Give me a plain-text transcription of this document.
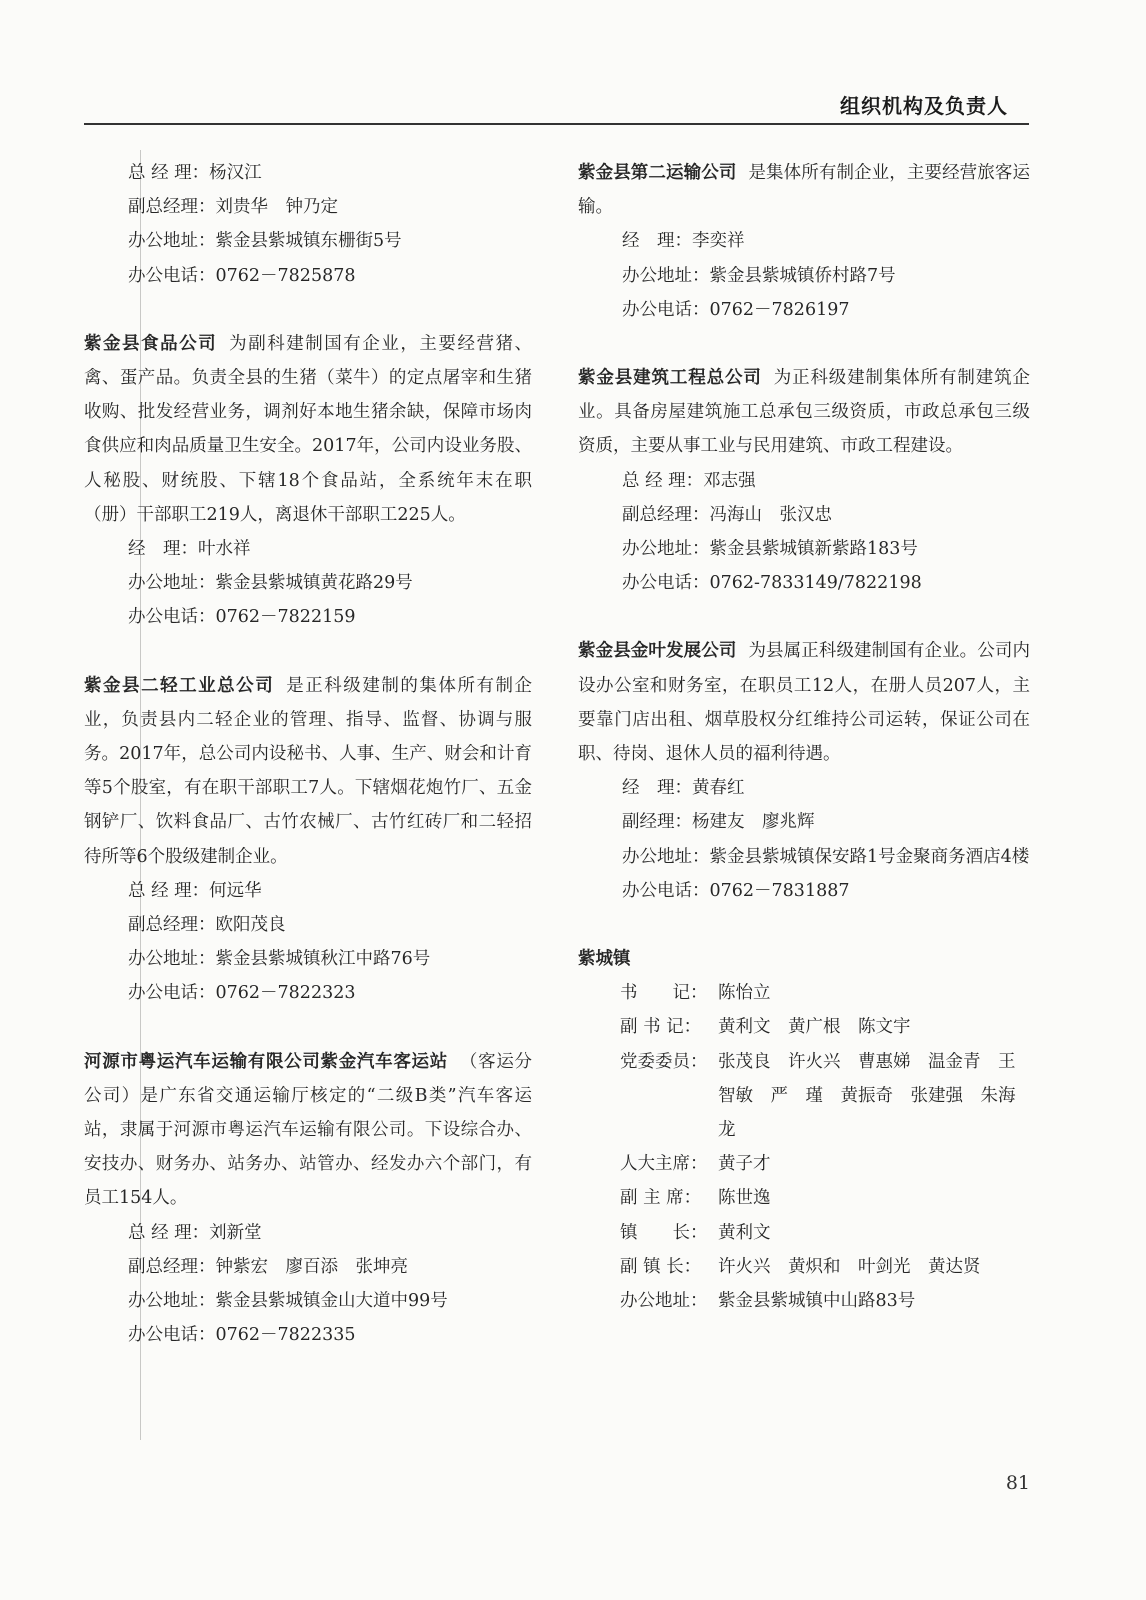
组织机构及负责人

总 经 理：杨汉江

副总经理：刘贵华　钟乃定

办公地址：紫金县紫城镇东栅街5号

办公电话：0762－7825878

紫金县食品公司 为副科建制国有企业，主要经营猪、禽、蛋产品。负责全县的生猪（菜牛）的定点屠宰和生猪收购、批发经营业务，调剂好本地生猪余缺，保障市场肉食供应和肉品质量卫生安全。2017年，公司内设业务股、人秘股、财统股、下辖18个食品站，全系统年末在职（册）干部职工219人，离退休干部职工225人。

经　理：叶水祥

办公地址：紫金县紫城镇黄花路29号

办公电话：0762－7822159

紫金县二轻工业总公司 是正科级建制的集体所有制企业，负责县内二轻企业的管理、指导、监督、协调与服务。2017年，总公司内设秘书、人事、生产、财会和计育等5个股室，有在职干部职工7人。下辖烟花炮竹厂、五金钢铲厂、饮料食品厂、古竹农械厂、古竹红砖厂和二轻招待所等6个股级建制企业。

总 经 理：何远华

副总经理：欧阳茂良

办公地址：紫金县紫城镇秋江中路76号

办公电话：0762－7822323

河源市粤运汽车运输有限公司紫金汽车客运站 （客运分公司）是广东省交通运输厅核定的“二级B类”汽车客运站，隶属于河源市粤运汽车运输有限公司。下设综合办、安技办、财务办、站务办、站管办、经发办六个部门，有员工154人。

总 经 理：刘新堂

副总经理：钟紫宏　廖百添　张坤亮

办公地址：紫金县紫城镇金山大道中99号

办公电话：0762－7822335

紫金县第二运输公司 是集体所有制企业，主要经营旅客运输。

经　理：李奕祥

办公地址：紫金县紫城镇侨村路7号

办公电话：0762－7826197

紫金县建筑工程总公司 为正科级建制集体所有制建筑企业。具备房屋建筑施工总承包三级资质，市政总承包三级资质，主要从事工业与民用建筑、市政工程建设。

总 经 理：邓志强

副总经理：冯海山　张汉忠

办公地址：紫金县紫城镇新紫路183号

办公电话：0762-7833149/7822198

紫金县金叶发展公司 为县属正科级建制国有企业。公司内设办公室和财务室，在职员工12人，在册人员207人，主要靠门店出租、烟草股权分红维持公司运转，保证公司在职、待岗、退休人员的福利待遇。

经　理：黄春红

副经理：杨建友　廖兆辉

办公地址：紫金县紫城镇保安路1号金聚商务酒店4楼

办公电话：0762－7831887

紫城镇

书　　记： 陈怡立
副 书 记： 黄利文　黄广根　陈文宇
党委委员： 张茂良　许火兴　曹惠娣　温金青　王智敏　严　瑾　黄振奇　张建强　朱海龙
人大主席： 黄子才
副 主 席： 陈世逸
镇　　长： 黄利文
副 镇 长： 许火兴　黄炽和　叶剑光　黄达贤
办公地址： 紫金县紫城镇中山路83号
81
